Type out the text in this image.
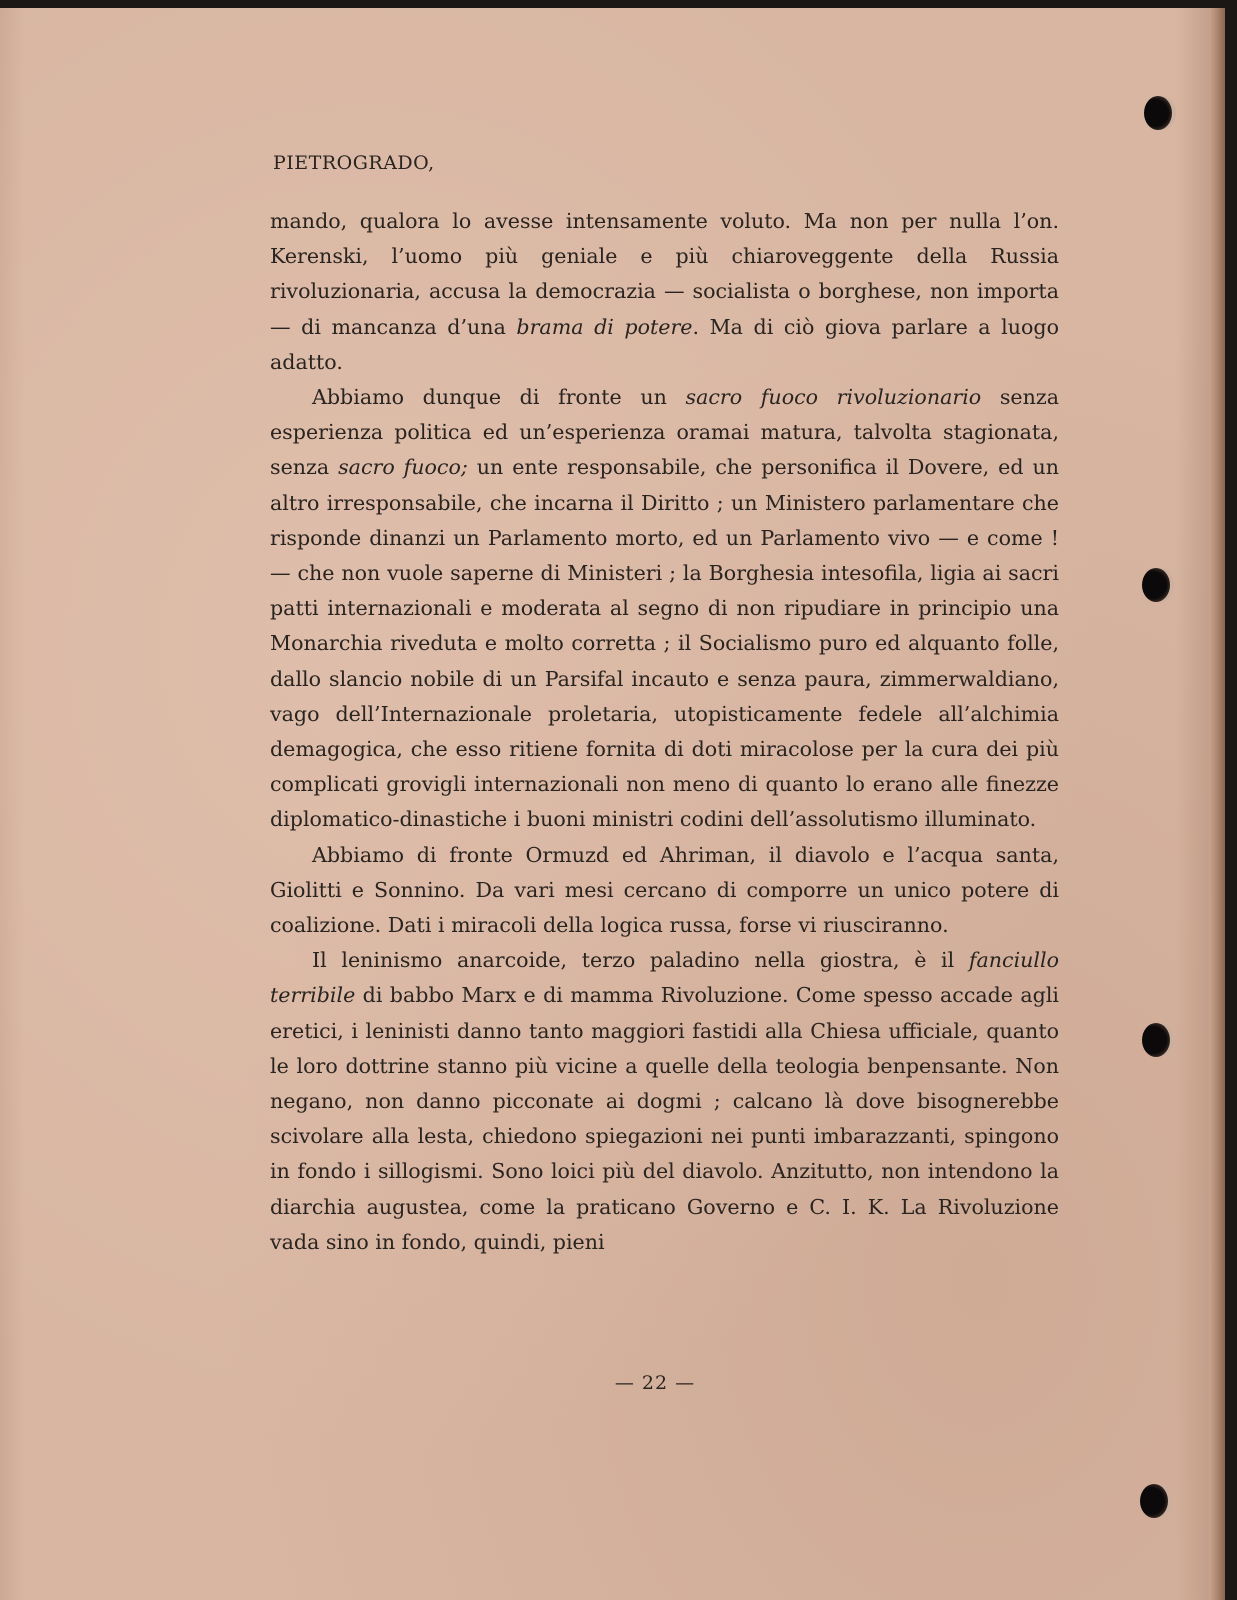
PIETROGRADO,

mando, qualora lo avesse intensamente voluto. Ma non per nulla l’on. Kerenski, l’uomo più geniale e più chiaroveggente della Russia rivoluzionaria, accusa la democrazia — socialista o borghese, non importa — di mancanza d’una brama di potere. Ma di ciò giova parlare a luogo adatto.

Abbiamo dunque di fronte un sacro fuoco rivoluzionario senza esperienza politica ed un’esperienza oramai matura, talvolta stagionata, senza sacro fuoco; un ente responsabile, che personifica il Dovere, ed un altro irresponsabile, che incarna il Diritto ; un Ministero parlamentare che risponde dinanzi un Parlamento morto, ed un Parlamento vivo — e come ! — che non vuole saperne di Ministeri ; la Borghesia intesofila, ligia ai sacri patti internazionali e moderata al segno di non ripudiare in principio una Monarchia riveduta e molto corretta ; il Socialismo puro ed alquanto folle, dallo slancio nobile di un Parsifal incauto e senza paura, zimmerwaldiano, vago dell’Internazionale proletaria, utopisticamente fedele all’alchimia demagogica, che esso ritiene fornita di doti miracolose per la cura dei più complicati grovigli internazionali non meno di quanto lo erano alle finezze diplomatico-dinastiche i buoni ministri codini dell’assolutismo illuminato.

Abbiamo di fronte Ormuzd ed Ahriman, il diavolo e l’acqua santa, Giolitti e Sonnino. Da vari mesi cercano di comporre un unico potere di coalizione. Dati i miracoli della logica russa, forse vi riusciranno.

Il leninismo anarcoide, terzo paladino nella giostra, è il fanciullo terribile di babbo Marx e di mamma Rivoluzione. Come spesso accade agli eretici, i leninisti danno tanto maggiori fastidi alla Chiesa ufficiale, quanto le loro dottrine stanno più vicine a quelle della teologia benpensante. Non negano, non danno picconate ai dogmi ; calcano là dove bisognerebbe scivolare alla lesta, chiedono spiegazioni nei punti imbarazzanti, spingono in fondo i sillogismi. Sono loici più del diavolo. Anzitutto, non intendono la diarchia augustea, come la praticano Governo e C. I. K. La Rivoluzione vada sino in fondo, quindi, pieni

— 22 —
